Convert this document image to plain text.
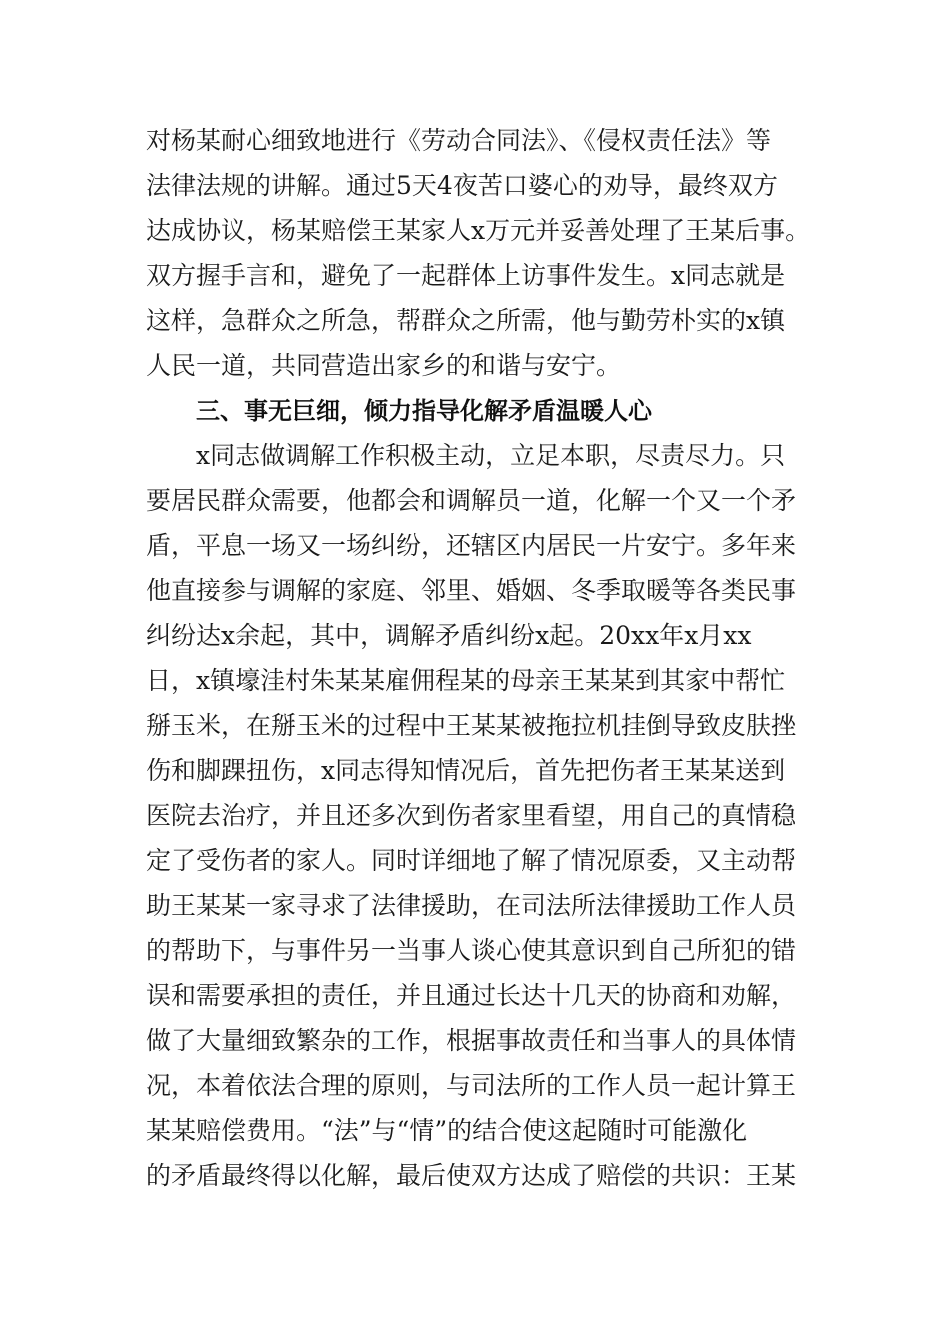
对杨某耐心细致地进行《劳动合同法》、《侵权责任法》等
法律法规的讲解。通过5天4夜苦口婆心的劝导，最终双方
达成协议，杨某赔偿王某家人x万元并妥善处理了王某后事。
双方握手言和，避免了一起群体上访事件发生。x同志就是
这样，急群众之所急，帮群众之所需，他与勤劳朴实的x镇
人民一道，共同营造出家乡的和谐与安宁。
三、事无巨细，倾力指导化解矛盾温暖人心
x同志做调解工作积极主动，立足本职，尽责尽力。只
要居民群众需要，他都会和调解员一道，化解一个又一个矛
盾，平息一场又一场纠纷，还辖区内居民一片安宁。多年来
他直接参与调解的家庭、邻里、婚姻、冬季取暖等各类民事
纠纷达x余起，其中，调解矛盾纠纷x起。20xx年x月xx
日，x镇壕洼村朱某某雇佣程某的母亲王某某到其家中帮忙
掰玉米，在掰玉米的过程中王某某被拖拉机挂倒导致皮肤挫
伤和脚踝扭伤，x同志得知情况后，首先把伤者王某某送到
医院去治疗，并且还多次到伤者家里看望，用自己的真情稳
定了受伤者的家人。同时详细地了解了情况原委，又主动帮
助王某某一家寻求了法律援助，在司法所法律援助工作人员
的帮助下，与事件另一当事人谈心使其意识到自己所犯的错
误和需要承担的责任，并且通过长达十几天的协商和劝解，
做了大量细致繁杂的工作，根据事故责任和当事人的具体情
况，本着依法合理的原则，与司法所的工作人员一起计算王
某某赔偿费用。“法”与“情”的结合使这起随时可能激化
的矛盾最终得以化解，最后使双方达成了赔偿的共识：王某
